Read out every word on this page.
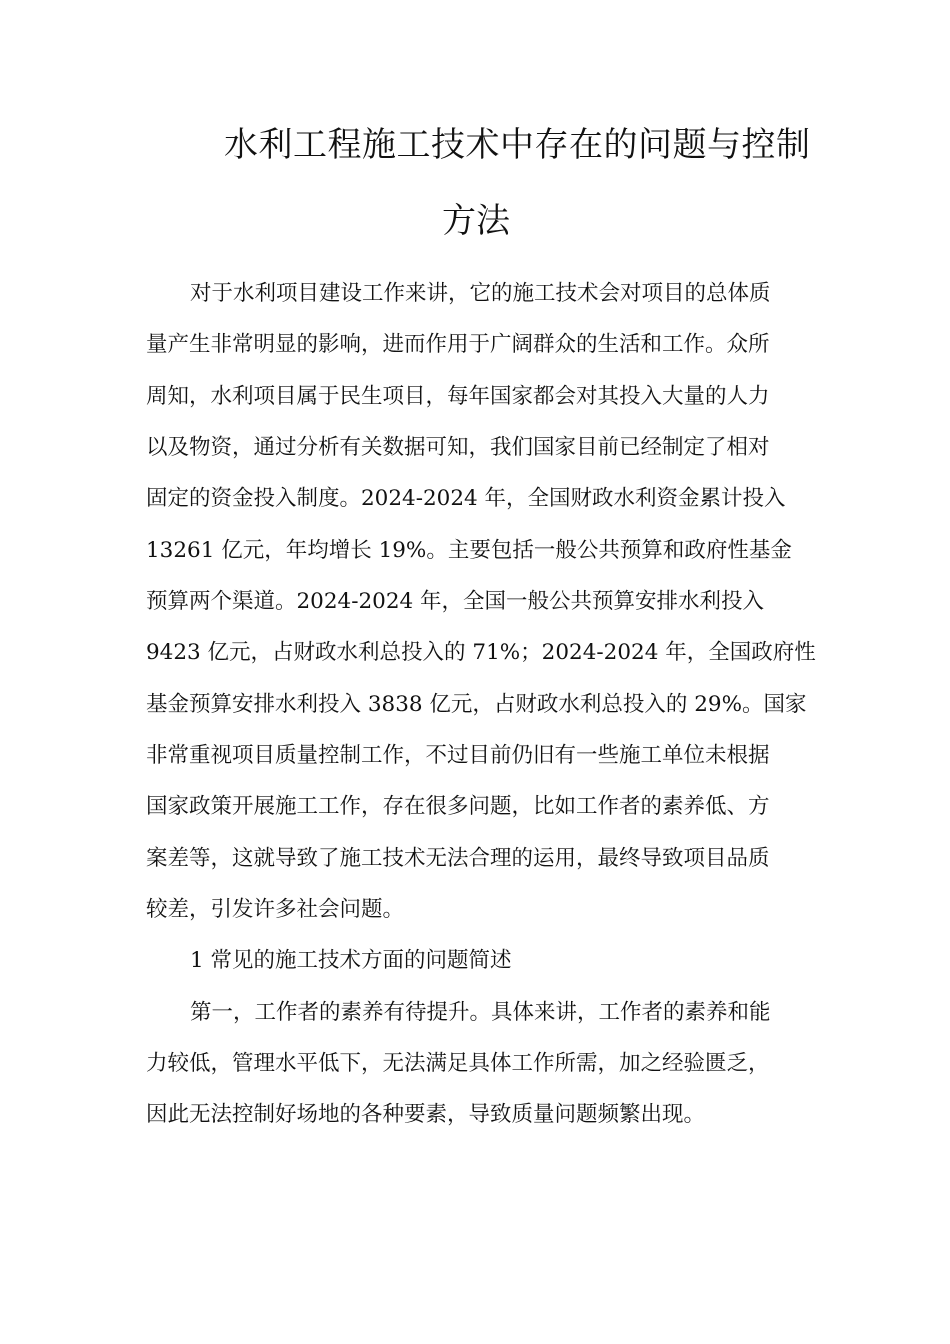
水利工程施工技术中存在的问题与控制
方法
对于水利项目建设工作来讲，它的施工技术会对项目的总体质
量产生非常明显的影响，进而作用于广阔群众的生活和工作。众所
周知，水利项目属于民生项目，每年国家都会对其投入大量的人力
以及物资，通过分析有关数据可知，我们国家目前已经制定了相对
固定的资金投入制度。2024-2024 年，全国财政水利资金累计投入
13261 亿元，年均增长 19%。主要包括一般公共预算和政府性基金
预算两个渠道。2024-2024 年，全国一般公共预算安排水利投入
9423 亿元，占财政水利总投入的 71%；2024-2024 年，全国政府性
基金预算安排水利投入 3838 亿元，占财政水利总投入的 29%。国家
非常重视项目质量控制工作，不过目前仍旧有一些施工单位未根据
国家政策开展施工工作，存在很多问题，比如工作者的素养低、方
案差等，这就导致了施工技术无法合理的运用，最终导致项目品质
较差，引发许多社会问题。
1 常见的施工技术方面的问题简述
第一，工作者的素养有待提升。具体来讲，工作者的素养和能
力较低，管理水平低下，无法满足具体工作所需，加之经验匮乏，
因此无法控制好场地的各种要素，导致质量问题频繁出现。
